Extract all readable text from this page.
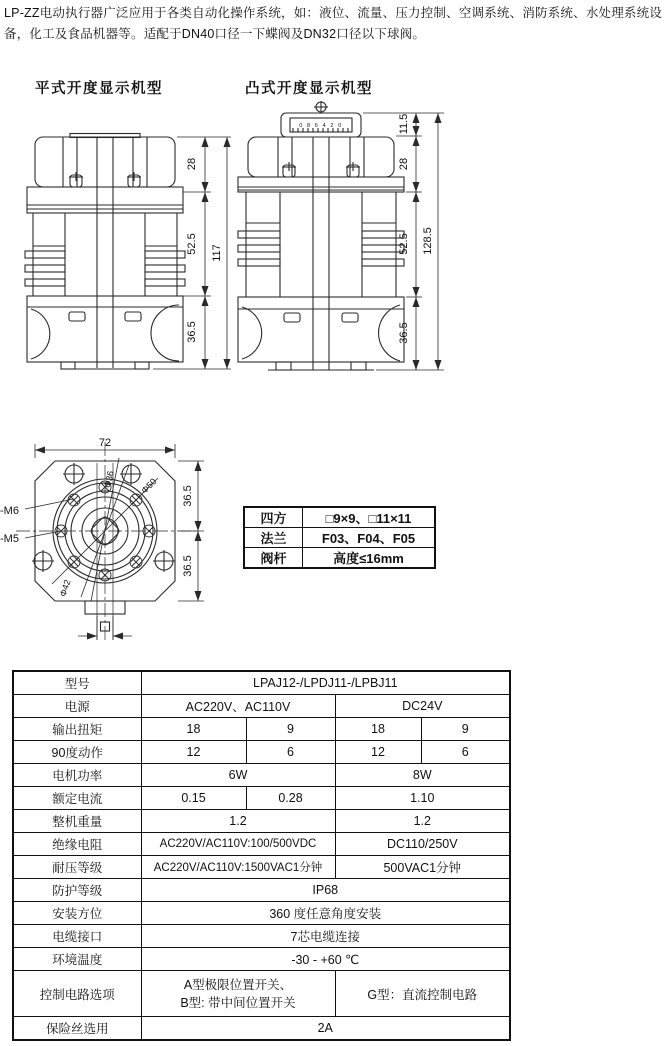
LP-ZZ电动执行器广泛应用于各类自动化操作系统，如：液位、流量、压力控制、空调系统、消防系统、水处理系统设备，化工及食品机器等。适配于DN40口径一下蝶阀及DN32口径以下球阀。

平式开度显示机型	凸式开度显示机型
28
52.5
36.5
117
0 8 6 4 2 0	11.5
28
52.5
36.5
128.5
72
36.5
36.5
-M6
-M5
Φ36	Φ50
Φ42
四方	□9×9、□11×11
法兰	F03、F04、F05
阀杆	高度≤16mm
型号	LPAJ12-/LPDJ11-/LPBJ11			
电源	AC220V、AC110V		DC24V	
输出扭矩	18	9	18	9
90度动作	12	6	12	6
电机功率	6W		8W	
额定电流	0.15	0.28	1.10	
整机重量	1.2		1.2	
绝缘电阻	AC220V/AC110V:100/500VDC		DC110/250V	
耐压等级	AC220V/AC110V:1500VAC1分钟		500VAC1分钟	
防护等级	IP68			
安装方位	360 度任意角度安装			
电缆接口	7芯电缆连接			
环境温度	-30 - +60 ℃			
控制电路选项	A型极限位置开关、
B型: 带中间位置开关		G型：直流控制电路	
保险丝选用	2A			
